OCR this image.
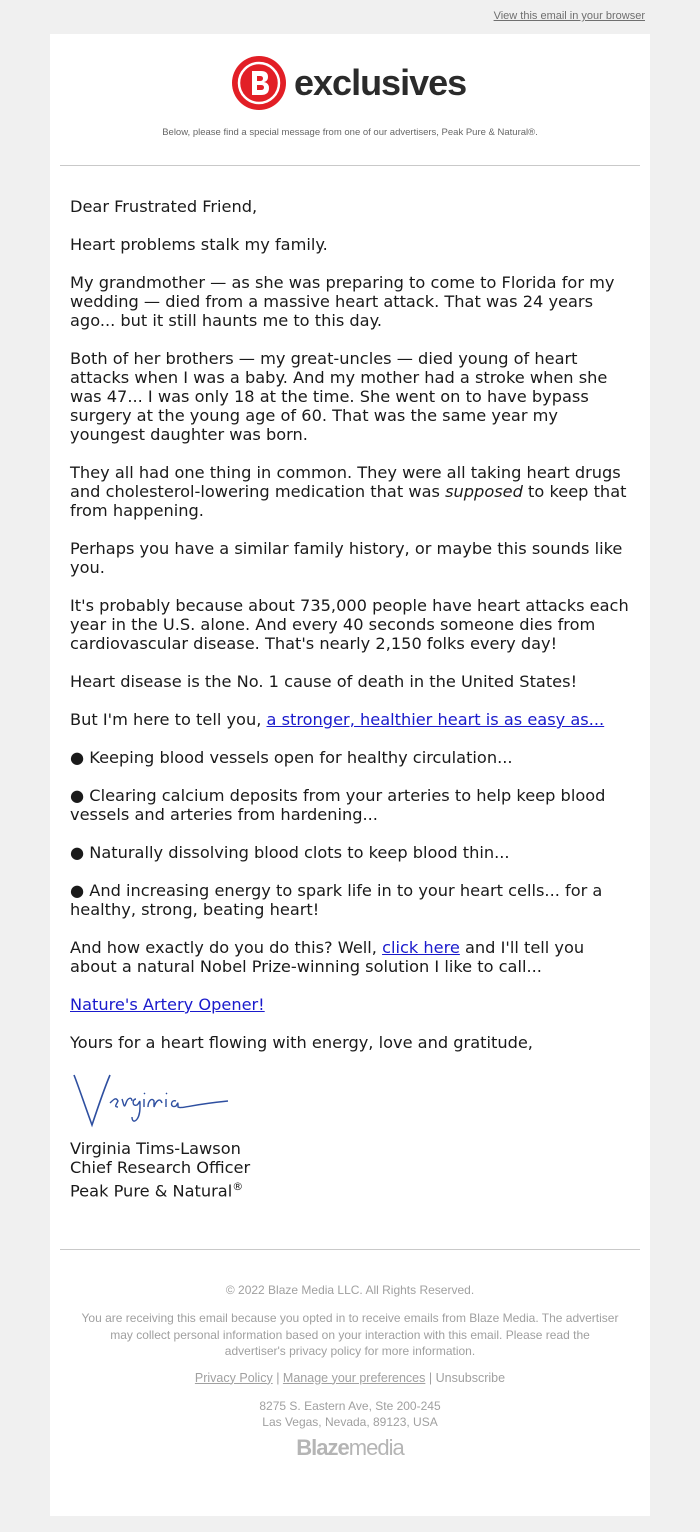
View this email in your browser
exclusives
Below, please find a special message from one of our advertisers, Peak Pure & Natural®.

Dear Frustrated Friend,

Heart problems stalk my family.

My grandmother — as she was preparing to come to Florida for my wedding — died from a massive heart attack. That was 24 years ago... but it still haunts me to this day.

Both of her brothers — my great-uncles — died young of heart attacks when I was a baby. And my mother had a stroke when she was 47... I was only 18 at the time. She went on to have bypass surgery at the young age of 60. That was the same year my youngest daughter was born.

They all had one thing in common. They were all taking heart drugs and cholesterol-lowering medication that was supposed to keep that from happening.

Perhaps you have a similar family history, or maybe this sounds like you.

It's probably because about 735,000 people have heart attacks each year in the U.S. alone. And every 40 seconds someone dies from cardiovascular disease. That's nearly 2,150 folks every day!

Heart disease is the No. 1 cause of death in the United States!

But I'm here to tell you, a stronger, healthier heart is as easy as...

● Keeping blood vessels open for healthy circulation...

● Clearing calcium deposits from your arteries to help keep blood vessels and arteries from hardening...

● Naturally dissolving blood clots to keep blood thin...

● And increasing energy to spark life in to your heart cells... for a healthy, strong, beating heart!

And how exactly do you do this? Well, click here and I'll tell you about a natural Nobel Prize-winning solution I like to call...

Nature's Artery Opener!

Yours for a heart flowing with energy, love and gratitude,

Virginia Tims-Lawson

Chief Research Officer

Peak Pure & Natural®

© 2022 Blaze Media LLC. All Rights Reserved.
You are receiving this email because you opted in to receive emails from Blaze Media. The advertiser may collect personal information based on your interaction with this email. Please read the advertiser's privacy policy for more information.
Privacy Policy | Manage your preferences | Unsubscribe
8275 S. Eastern Ave, Ste 200-245
Las Vegas, Nevada, 89123, USA
Blaze media
